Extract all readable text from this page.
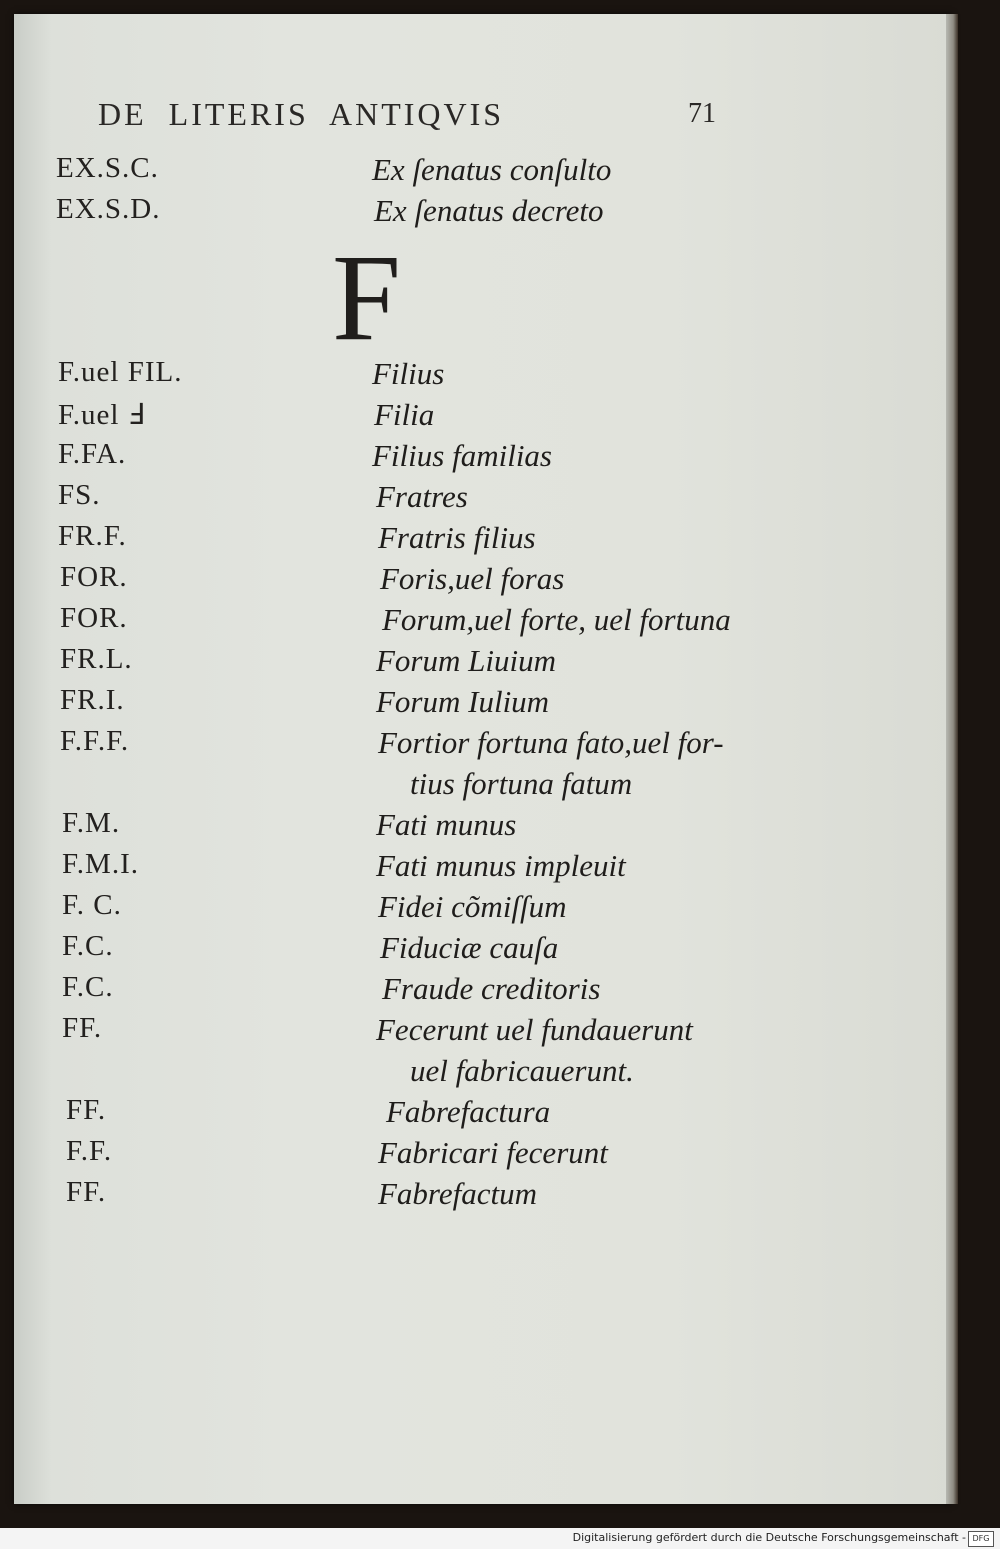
DE  LITERIS  ANTIQVIS	71
F
EX.S.C.	Ex ſenatus conſulto
EX.S.D.	Ex ſenatus decreto
F.uel FIL.	Filius
F.uel Ⅎ	Filia
F.FA.	Filius familias
FS.	Fratres
FR.F.	Fratris filius
FOR.	Foris,uel foras
FOR.	Forum,uel forte, uel fortuna
FR.L.	Forum Liuium
FR.I.	Forum Iulium
F.F.F.	Fortior fortuna fato,uel for-
tius fortuna fatum
F.M.	Fati munus
F.M.I.	Fati munus impleuit
F. C.	Fidei cõmiſſum
F.C.	Fiduciæ cauſa
F.C.	Fraude creditoris
FF.	Fecerunt uel fundauerunt
uel fabricauerunt.
FF.	Fabrefactura
F.F.	Fabricari fecerunt
FF.	Fabrefactum
Digitalisierung gefördert durch die Deutsche Forschungsgemeinschaft - DFG
